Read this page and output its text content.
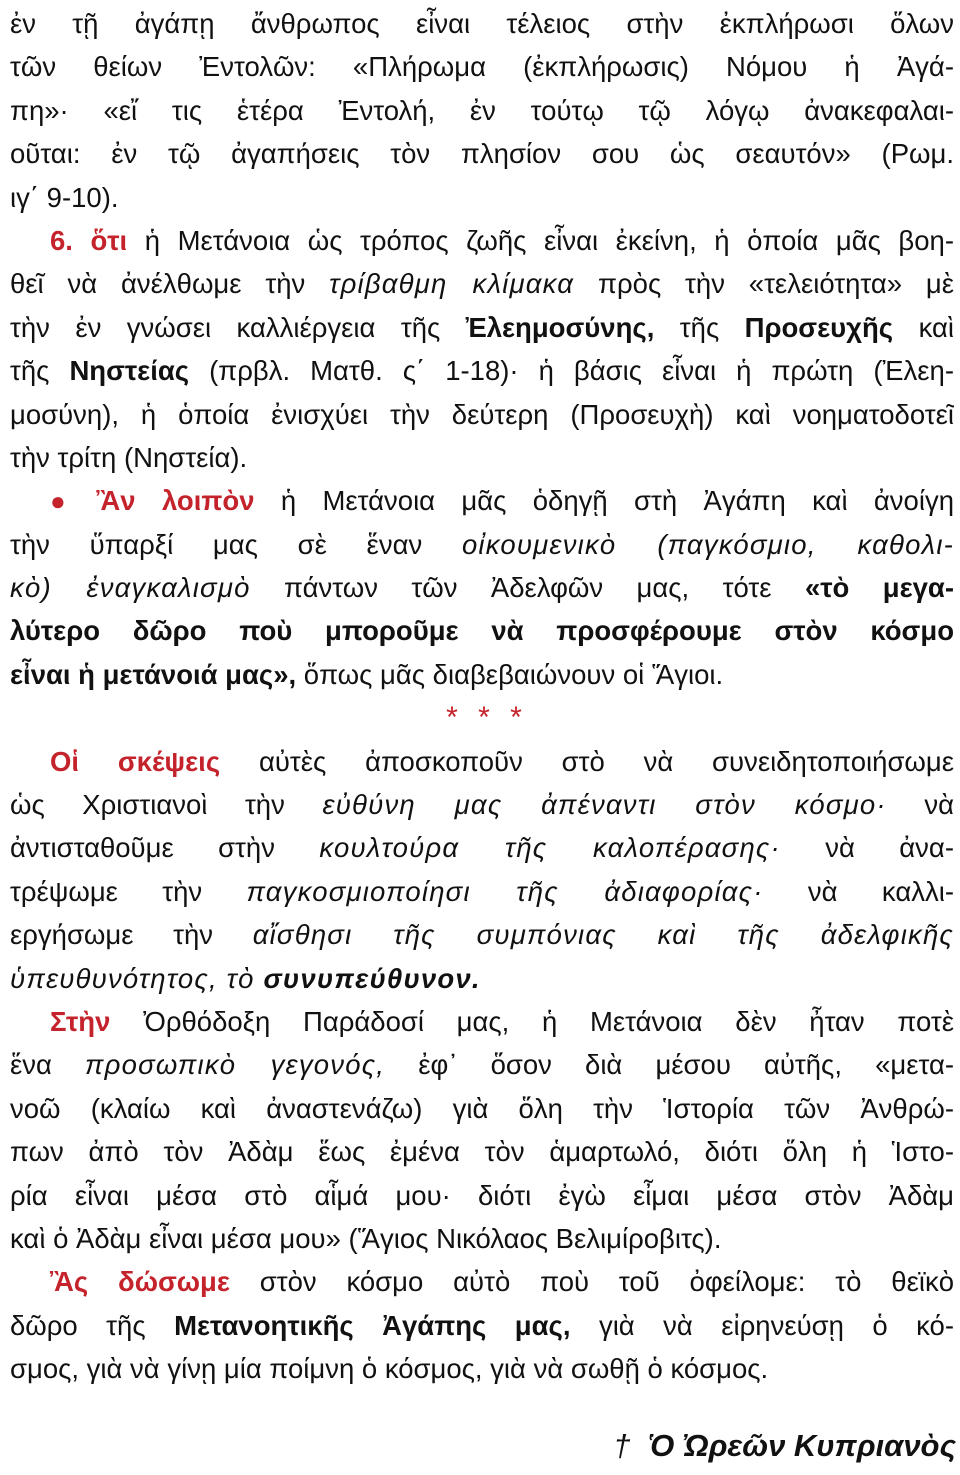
ἐν τῇ ἀγάπῃ ἄνθρωπος εἶναι τέλειος στὴν ἐκπλήρωσι ὅλων
τῶν θείων Ἐντολῶν: «Πλήρωμα (ἐκπλήρωσις) Νόμου ἡ Ἀγά-
πη»· «εἴ τις ἑτέρα Ἐντολή, ἐν τούτῳ τῷ λόγῳ ἀνακεφαλαι-
οῦται: ἐν τῷ ἀγαπήσεις τὸν πλησίον σου ὡς σεαυτόν» (Ρωμ.
ιγ΄ 9-10).
6. ὅτι ἡ Μετάνοια ὡς τρόπος ζωῆς εἶναι ἐκείνη, ἡ ὁποία μᾶς βοη-
θεῖ νὰ ἀνέλθωμε τὴν τρίβαθμη κλίμακα πρὸς τὴν «τελειότητα» μὲ
τὴν ἐν γνώσει καλλιέργεια τῆς Ἐλεημοσύνης, τῆς Προσευχῆς καὶ
τῆς Νηστείας (πρβλ. Ματθ. ς΄ 1-18)· ἡ βάσις εἶναι ἡ πρώτη (Ἐλεη-
μοσύνη), ἡ ὁποία ἐνισχύει τὴν δεύτερη (Προσευχὴ) καὶ νοηματοδοτεῖ
τὴν τρίτη (Νηστεία).
● Ἂν λοιπὸν ἡ Μετάνοια μᾶς ὁδηγῇ στὴ Ἀγάπη καὶ ἀνοίγη
τὴν ὕπαρξί μας σὲ ἕναν οἰκουμενικὸ (παγκόσμιο, καθολι-
κὸ) ἐναγκαλισμὸ πάντων τῶν Ἀδελφῶν μας, τότε «τὸ μεγα-
λύτερο δῶρο ποὺ μποροῦμε νὰ προσφέρουμε στὸν κόσμο
εἶναι ἡ μετάνοιά μας», ὅπως μᾶς διαβεβαιώνουν οἱ Ἅγιοι.
* * *
Οἱ σκέψεις αὐτὲς ἀποσκοποῦν στὸ νὰ συνειδητοποιήσωμε
ὡς Χριστιανοὶ τὴν εὐθύνη μας ἀπέναντι στὸν κόσμο· νὰ
ἀντισταθοῦμε στὴν κουλτούρα τῆς καλοπέρασης· νὰ ἀνα-
τρέψωμε τὴν παγκοσμιοποίησι τῆς ἀδιαφορίας· νὰ καλλι-
εργήσωμε τὴν αἴσθησι τῆς συμπόνιας καὶ τῆς ἀδελφικῆς
ὑπευθυνότητος, τὸ συνυπεύθυνον.
Στὴν Ὀρθόδοξη Παράδοσί μας, ἡ Μετάνοια δὲν ἦταν ποτὲ
ἕνα προσωπικὸ γεγονός, ἐφ᾽ ὅσον διὰ μέσου αὐτῆς, «μετα-
νοῶ (κλαίω καὶ ἀναστενάζω) γιὰ ὅλη τὴν Ἱστορία τῶν Ἀνθρώ-
πων ἀπὸ τὸν Ἀδὰμ ἕως ἐμένα τὸν ἁμαρτωλό, διότι ὅλη ἡ Ἱστο-
ρία εἶναι μέσα στὸ αἷμά μου· διότι ἐγὼ εἶμαι μέσα στὸν Ἀδὰμ
καὶ ὁ Ἀδὰμ εἶναι μέσα μου» (Ἅγιος Νικόλαος Βελιμίροβιτς).
Ἂς δώσωμε στὸν κόσμο αὐτὸ ποὺ τοῦ ὀφείλομε: τὸ θεϊκὸ
δῶρο τῆς Μετανοητικῆς Ἀγάπης μας, γιὰ νὰ εἰρηνεύσῃ ὁ κό-
σμος, γιὰ νὰ γίνῃ μία ποίμνη ὁ κόσμος, γιὰ νὰ σωθῇ ὁ κόσμος.
† Ὁ Ὠρεῶν Κυπριανὸς
